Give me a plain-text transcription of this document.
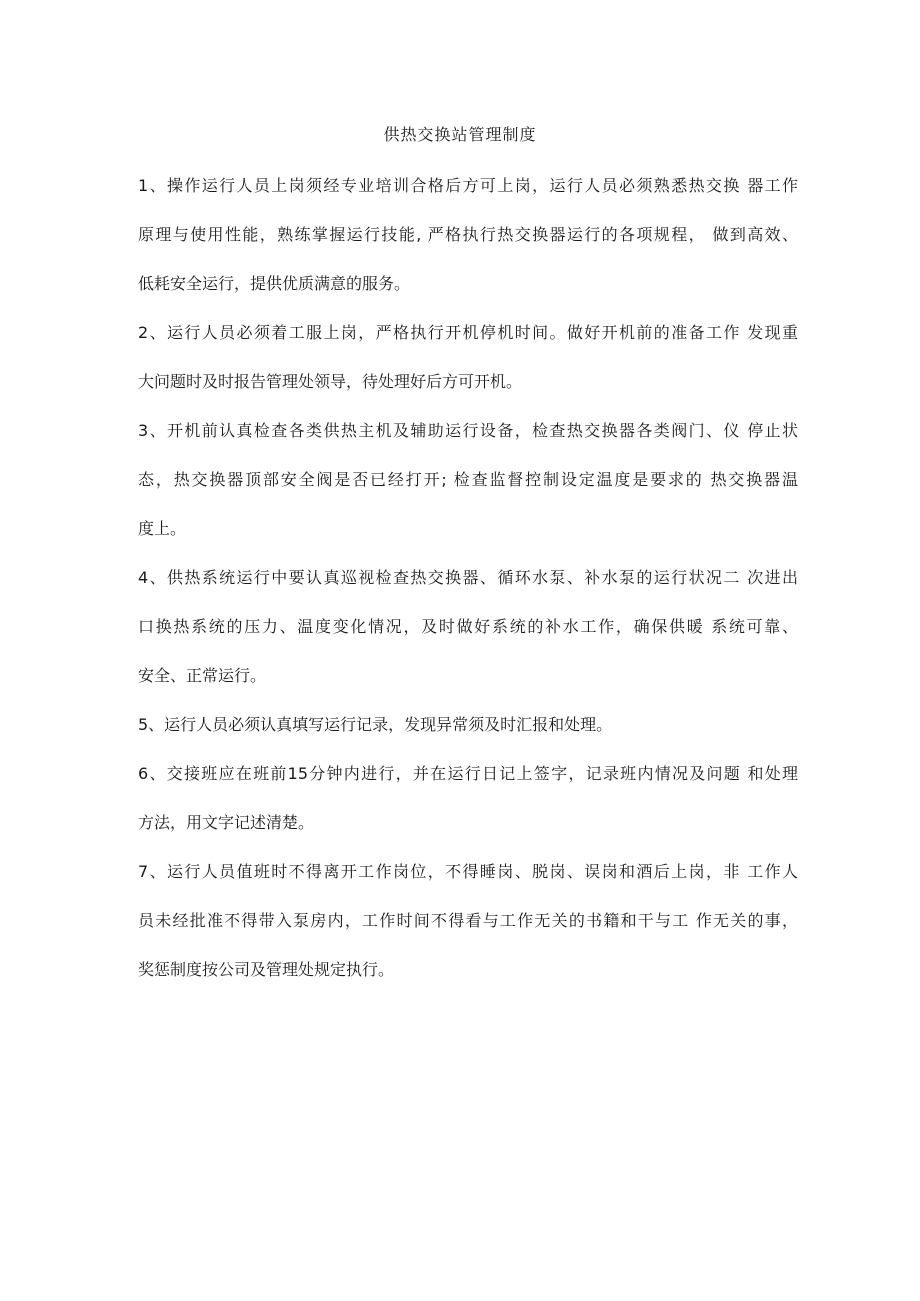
供热交换站管理制度
1、操作运行人员上岗须经专业培训合格后方可上岗，运行人员必须熟悉热交换 器工作
原理与使用性能，熟练掌握运行技能, 严格执行热交换器运行的各项规程， 做到高效、
低耗安全运行，提供优质满意的服务。
2、运行人员必须着工服上岗，严格执行开机停机时间。做好开机前的准备工作 发现重
大问题时及时报告管理处领导，待处理好后方可开机。
3、开机前认真检查各类供热主机及辅助运行设备，检查热交换器各类阀门、仪 停止状
态，热交换器顶部安全阀是否已经打开; 检查监督控制设定温度是要求的 热交换器温
度上。
4、供热系统运行中要认真巡视检查热交换器、循环水泵、补水泵的运行状况二 次进出
口换热系统的压力、温度变化情况，及时做好系统的补水工作，确保供暖 系统可靠、
安全、正常运行。
5、运行人员必须认真填写运行记录，发现异常须及时汇报和处理。
6、交接班应在班前15分钟内进行，并在运行日记上签字，记录班内情况及问题 和处理
方法，用文字记述清楚。
7、运行人员值班时不得离开工作岗位，不得睡岗、脱岗、误岗和酒后上岗，非 工作人
员未经批准不得带入泵房内，工作时间不得看与工作无关的书籍和干与工 作无关的事，
奖惩制度按公司及管理处规定执行。
